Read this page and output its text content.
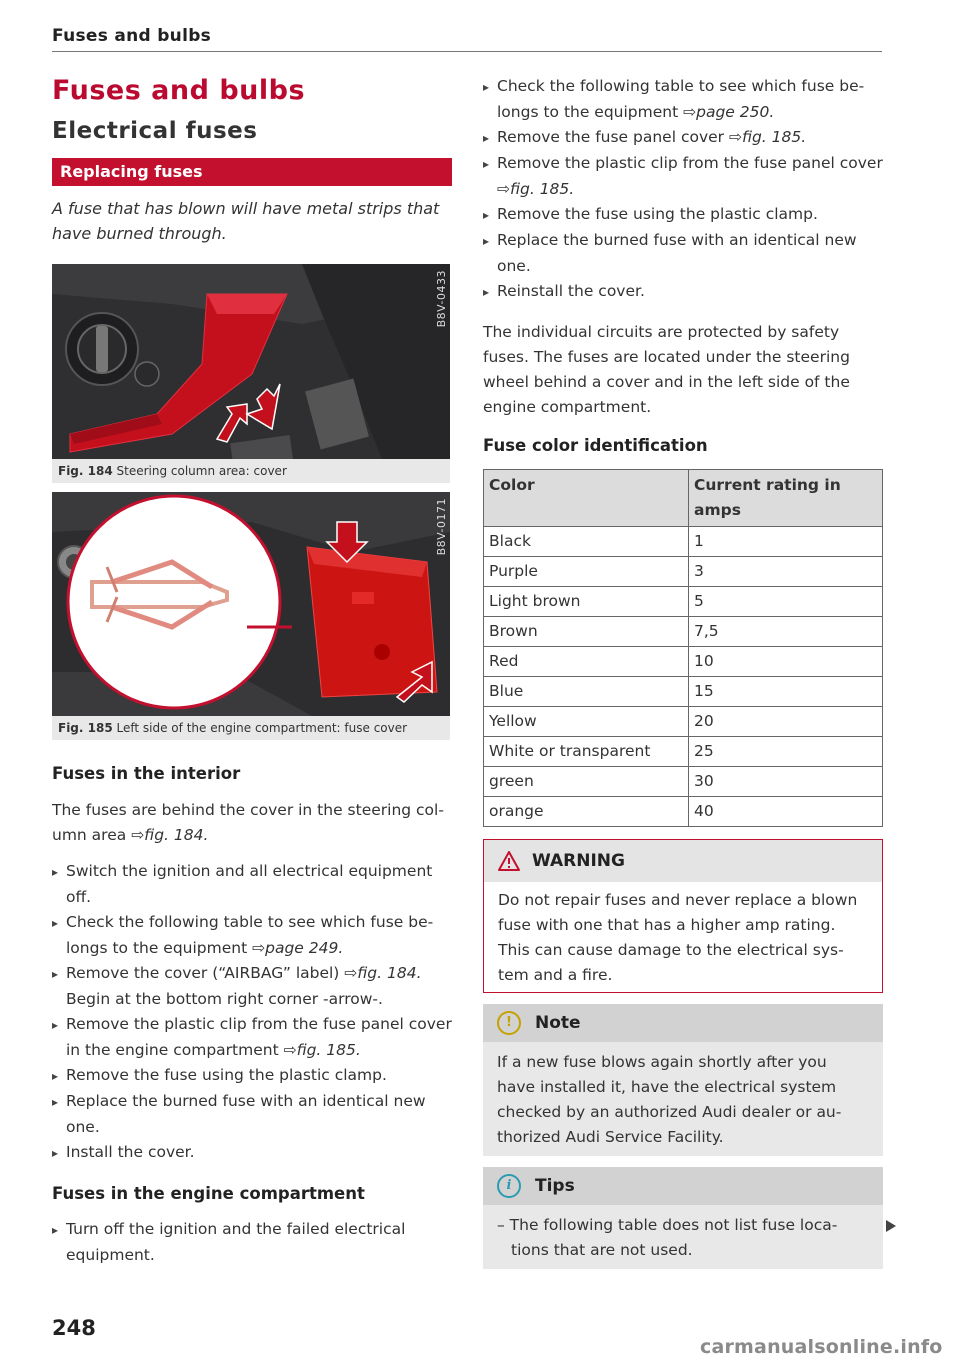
Fuses and bulbs
Fuses and bulbs
Electrical fuses
Replacing fuses
A fuse that has blown will have metal strips that have burned through.
B8V-0433
Fig. 184 Steering column area: cover
B8V-0171
Fig. 185 Left side of the engine compartment: fuse cover
Fuses in the interior

The fuses are behind the cover in the steering col-umn area ⇨fig. 184.

▸ Switch the ignition and all electrical equipment off.

▸ Check the following table to see which fuse be-longs to the equipment ⇨page 249.

▸ Remove the cover (“AIRBAG” label) ⇨fig. 184. Begin at the bottom right corner -arrow-.

▸ Remove the plastic clip from the fuse panel cover in the engine compartment ⇨fig. 185.

▸ Remove the fuse using the plastic clamp.

▸ Replace the burned fuse with an identical new one.

▸ Install the cover.

Fuses in the engine compartment

▸ Turn off the ignition and the failed electrical equipment.

▸ Check the following table to see which fuse be-longs to the equipment ⇨page 250.

▸ Remove the fuse panel cover ⇨fig. 185.

▸ Remove the plastic clip from the fuse panel cover ⇨fig. 185.

▸ Remove the fuse using the plastic clamp.

▸ Replace the burned fuse with an identical new one.

▸ Reinstall the cover.

The individual circuits are protected by safety fuses. The fuses are located under the steering wheel behind a cover and in the left side of the engine compartment.

Fuse color identification
Color	Current rating in amps
Black	1
Purple	3
Light brown	5
Brown	7,5
Red	10
Blue	15
Yellow	20
White or transparent	25
green	30
orange	40
WARNING

Do not repair fuses and never replace a blown fuse with one that has a higher amp rating. This can cause damage to the electrical sys-tem and a fire.

! Note

If a new fuse blows again shortly after you have installed it, have the electrical system checked by an authorized Audi dealer or au-thorized Audi Service Facility.

i Tips

– The following table does not list fuse loca-tions that are not used.

248
carmanualsonline.info
